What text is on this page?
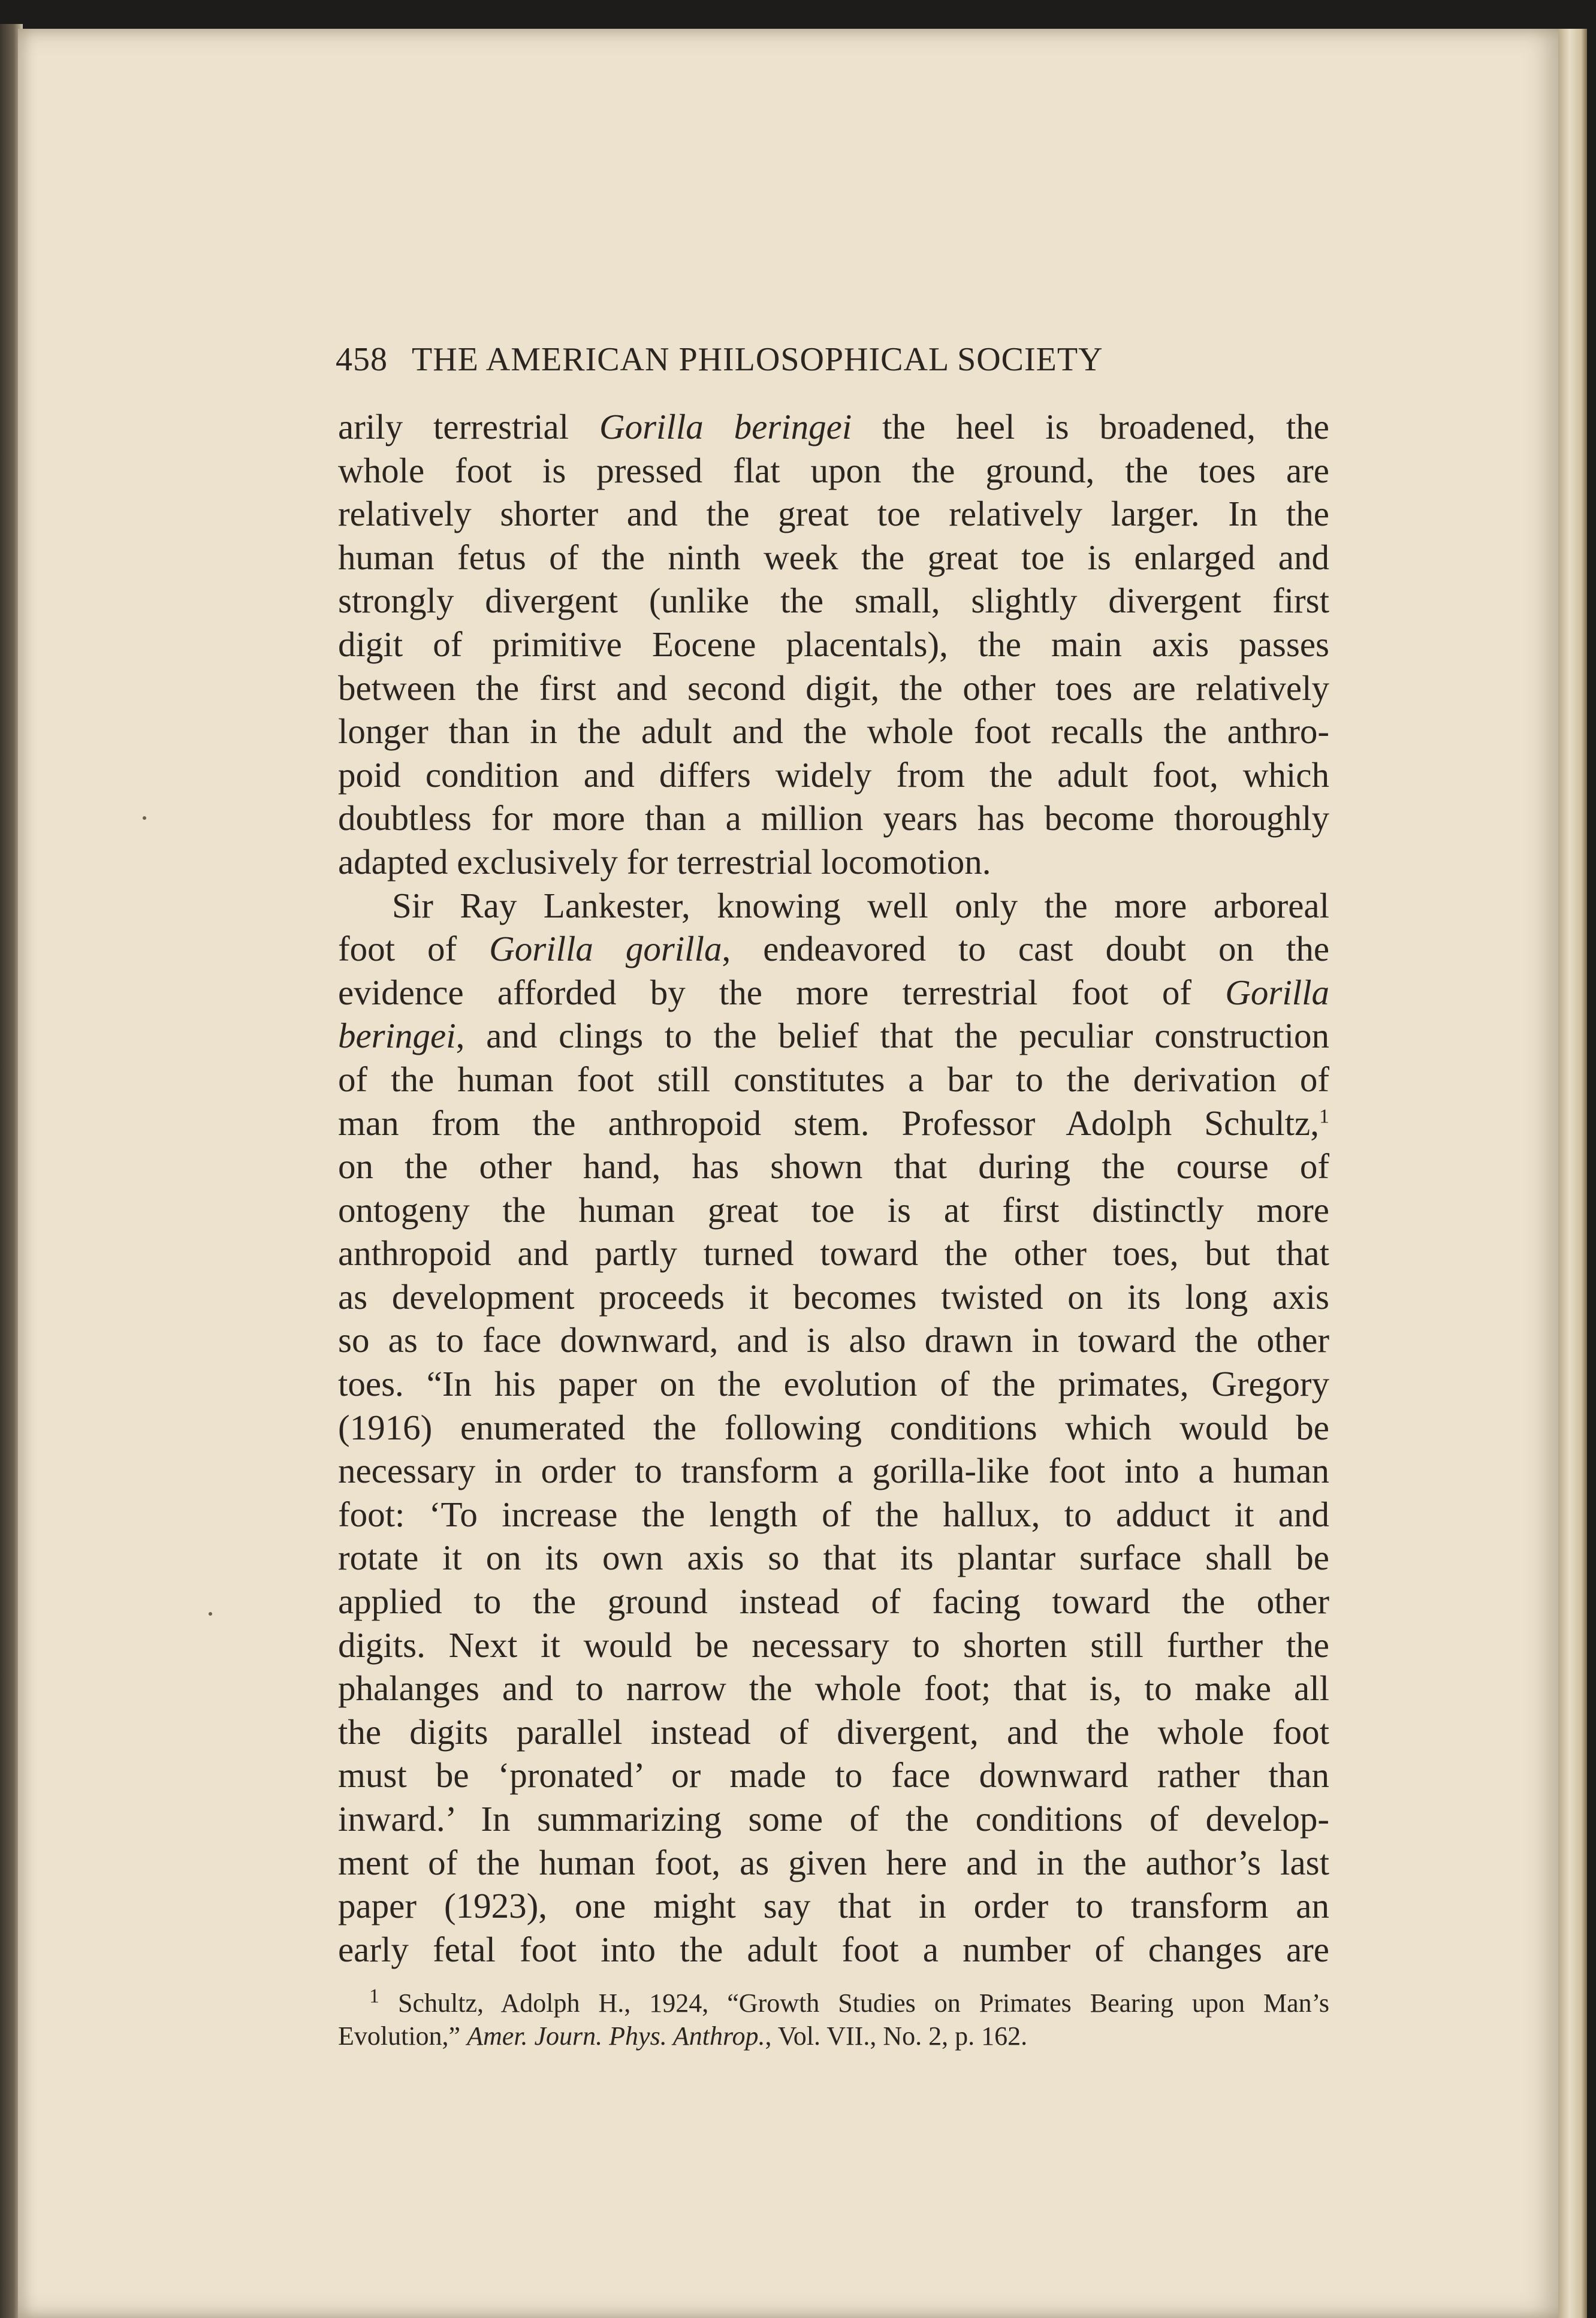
458 THE AMERICAN PHILOSOPHICAL SOCIETY
arily terrestrial Gorilla beringei the heel is broadened, the
whole foot is pressed flat upon the ground, the toes are
relatively shorter and the great toe relatively larger. In the
human fetus of the ninth week the great toe is enlarged and
strongly divergent (unlike the small, slightly divergent first
digit of primitive Eocene placentals), the main axis passes
between the first and second digit, the other toes are relatively
longer than in the adult and the whole foot recalls the anthro-
poid condition and differs widely from the adult foot, which
doubtless for more than a million years has become thoroughly
adapted exclusively for terrestrial locomotion.
Sir Ray Lankester, knowing well only the more arboreal
foot of Gorilla gorilla, endeavored to cast doubt on the
evidence afforded by the more terrestrial foot of Gorilla
beringei, and clings to the belief that the peculiar construction
of the human foot still constitutes a bar to the derivation of
man from the anthropoid stem. Professor Adolph Schultz,$^1$
on the other hand, has shown that during the course of
ontogeny the human great toe is at first distinctly more
anthropoid and partly turned toward the other toes, but that
as development proceeds it becomes twisted on its long axis
so as to face downward, and is also drawn in toward the other
toes. “In his paper on the evolution of the primates, Gregory
(1916) enumerated the following conditions which would be
necessary in order to transform a gorilla-like foot into a human
foot: ‘To increase the length of the hallux, to adduct it and
rotate it on its own axis so that its plantar surface shall be
applied to the ground instead of facing toward the other
digits. Next it would be necessary to shorten still further the
phalanges and to narrow the whole foot; that is, to make all
the digits parallel instead of divergent, and the whole foot
must be ‘pronated’ or made to face downward rather than
inward.’ In summarizing some of the conditions of develop-
ment of the human foot, as given here and in the author’s last
paper (1923), one might say that in order to transform an
early fetal foot into the adult foot a number of changes are
$^1$ Schultz, Adolph H., 1924, “Growth Studies on Primates Bearing upon Man’s
Evolution,” Amer. Journ. Phys. Anthrop., Vol. VII., No. 2, p. 162.
